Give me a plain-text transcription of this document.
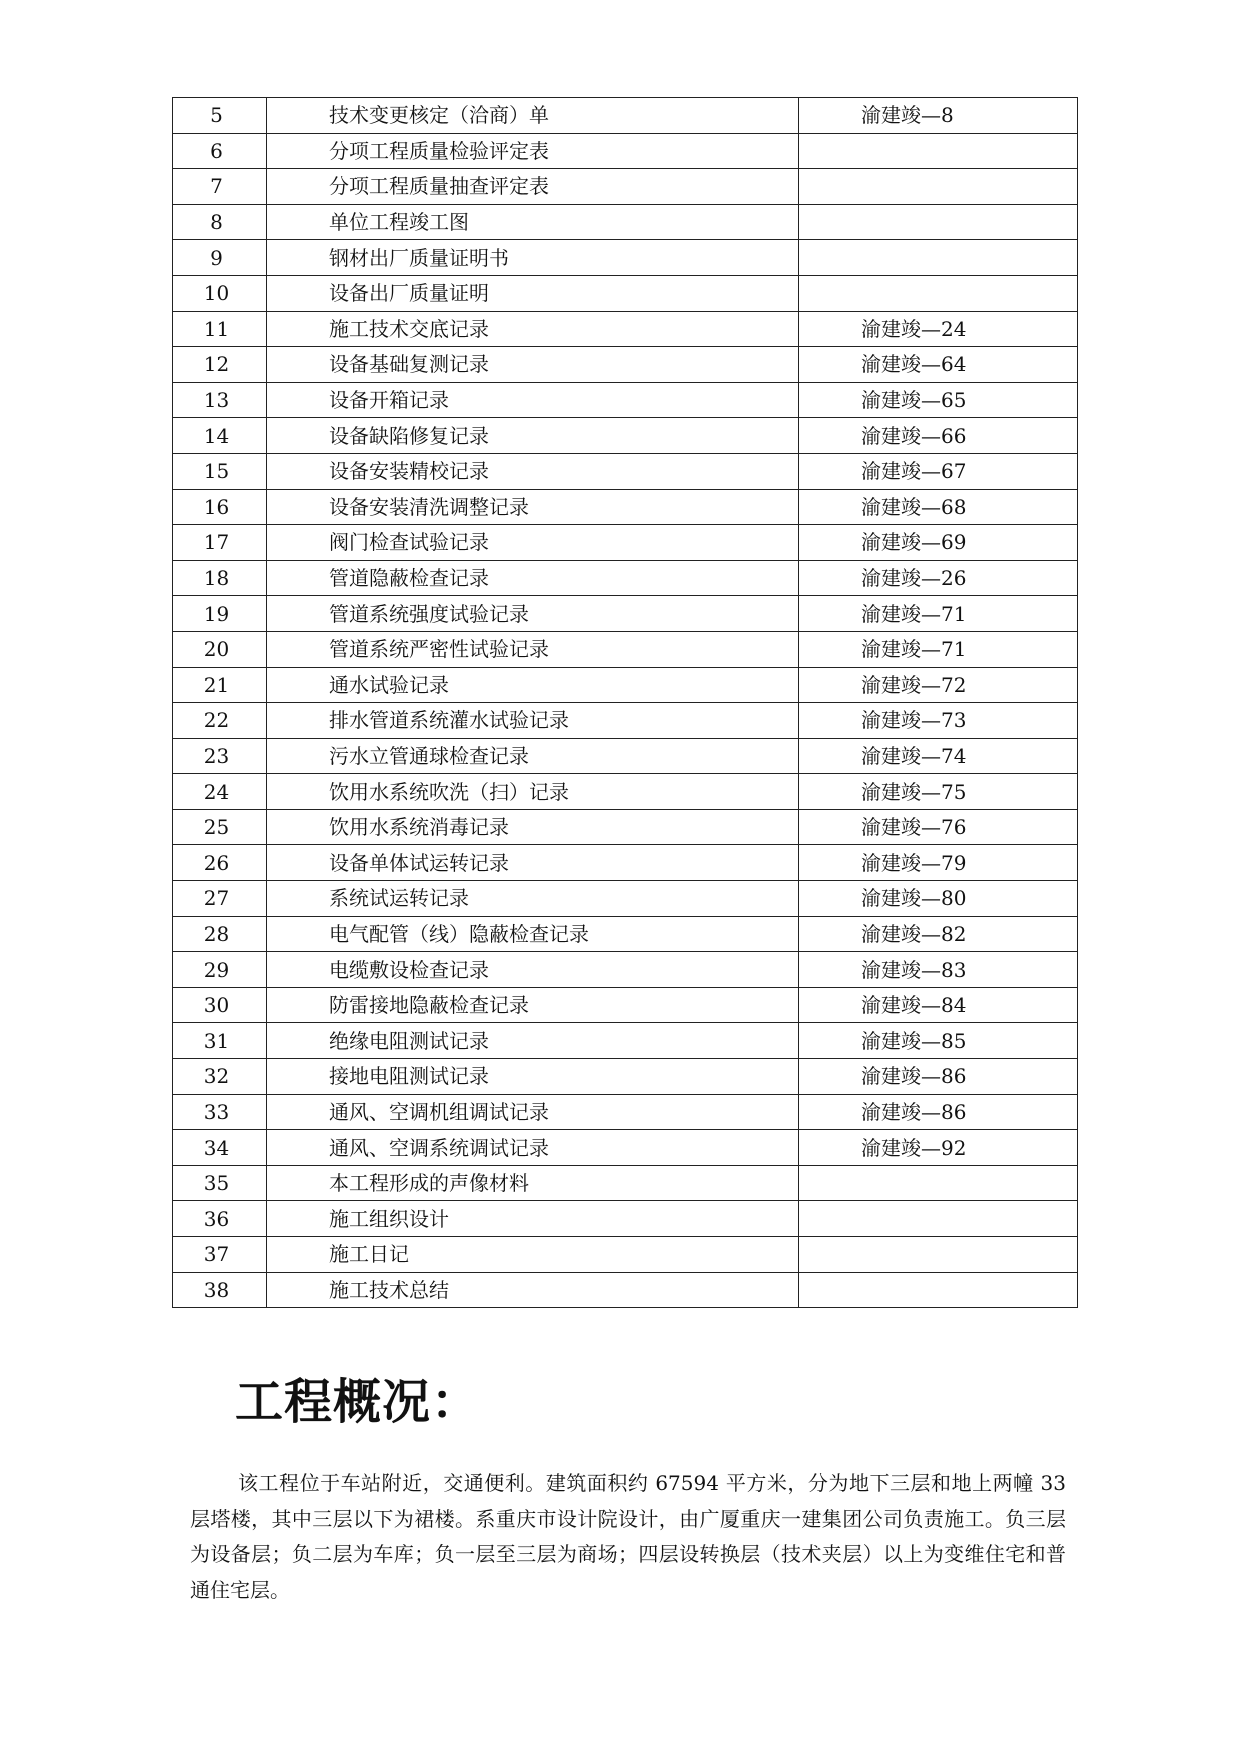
5	技术变更核定（洽商）单	渝建竣—8
6	分项工程质量检验评定表	
7	分项工程质量抽查评定表	
8	单位工程竣工图	
9	钢材出厂质量证明书	
10	设备出厂质量证明	
11	施工技术交底记录	渝建竣—24
12	设备基础复测记录	渝建竣—64
13	设备开箱记录	渝建竣—65
14	设备缺陷修复记录	渝建竣—66
15	设备安装精校记录	渝建竣—67
16	设备安装清洗调整记录	渝建竣—68
17	阀门检查试验记录	渝建竣—69
18	管道隐蔽检查记录	渝建竣—26
19	管道系统强度试验记录	渝建竣—71
20	管道系统严密性试验记录	渝建竣—71
21	通水试验记录	渝建竣—72
22	排水管道系统灌水试验记录	渝建竣—73
23	污水立管通球检查记录	渝建竣—74
24	饮用水系统吹洗（扫）记录	渝建竣—75
25	饮用水系统消毒记录	渝建竣—76
26	设备单体试运转记录	渝建竣—79
27	系统试运转记录	渝建竣—80
28	电气配管（线）隐蔽检查记录	渝建竣—82
29	电缆敷设检查记录	渝建竣—83
30	防雷接地隐蔽检查记录	渝建竣—84
31	绝缘电阻测试记录	渝建竣—85
32	接地电阻测试记录	渝建竣—86
33	通风、空调机组调试记录	渝建竣—86
34	通风、空调系统调试记录	渝建竣—92
35	本工程形成的声像材料	
36	施工组织设计	
37	施工日记	
38	施工技术总结	
工程概况：

该工程位于车站附近，交通便利。建筑面积约 67594 平方米，分为地下三层和地上两幢 33 层塔楼，其中三层以下为裙楼。系重庆市设计院设计，由广厦重庆一建集团公司负责施工。负三层为设备层；负二层为车库；负一层至三层为商场；四层设转换层（技术夹层）以上为变维住宅和普通住宅层。
